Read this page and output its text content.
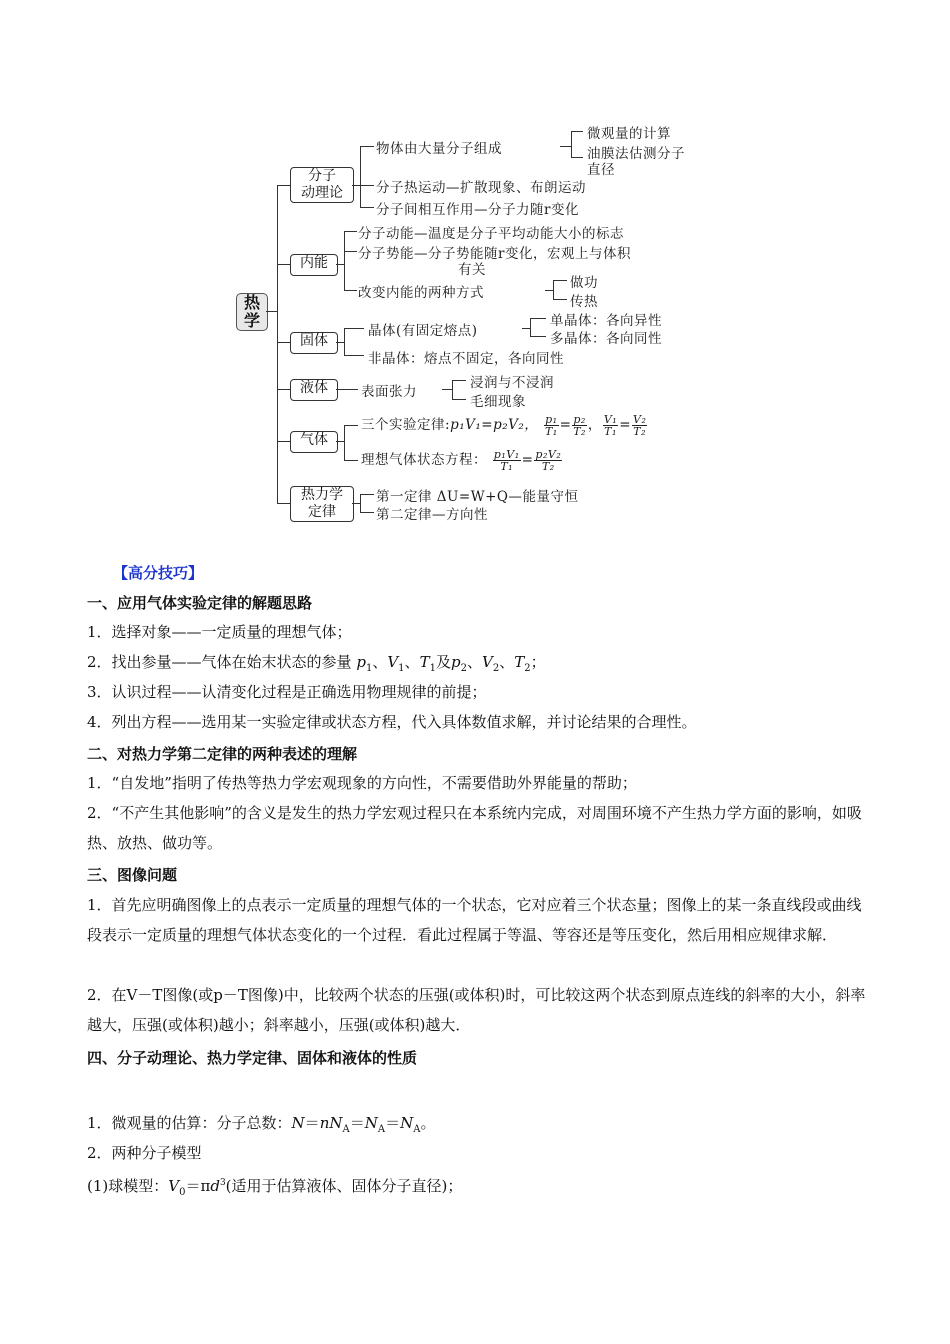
热学
分子
动理论
物体由大量分子组成
微观量的计算
油膜法估测分子
直径
分子热运动—扩散现象、布朗运动
分子间相互作用—分子力随r变化
内能
分子动能—温度是分子平均动能大小的标志
分子势能—分子势能随r变化，宏观上与体积
有关
改变内能的两种方式
做功
传热
固体
晶体(有固定熔点)
单晶体：各向异性
多晶体：各向同性
非晶体：熔点不固定，各向同性
液体	表面张力
浸润与不浸润
毛细现象
气体
三个实验定律:p₁V₁=p₂V₂， $\frac{\text{p₁}}{\text{T₁}} = \frac{\text{p₂}}{\text{T₂}}$ ， $\frac{\text{V₁}}{\text{T₁}} = \frac{\text{V₂}}{\text{T₂}}$
理想气体状态方程： $\frac{\text{p₁V₁}}{\text{T₁}} = \frac{\text{p₂V₂}}{\text{T₂}}$
热力学
定律
第一定律 ΔU=W+Q—能量守恒
第二定律—方向性
【高分技巧】
一、应用气体实验定律的解题思路
1．选择对象——一定质量的理想气体；
2．找出参量——气体在始末状态的参量 $p_1$、$V_1$、$T_1$及$p_2$、$V_2$、$T_2$；
3．认识过程——认清变化过程是正确选用物理规律的前提；
4．列出方程——选用某一实验定律或状态方程，代入具体数值求解，并讨论结果的合理性。
二、对热力学第二定律的两种表述的理解
1．“自发地”指明了传热等热力学宏观现象的方向性，不需要借助外界能量的帮助；
2．“不产生其他影响”的含义是发生的热力学宏观过程只在本系统内完成，对周围环境不产生热力学方面的影响，如吸热、放热、做功等。
三、图像问题
1．首先应明确图像上的点表示一定质量的理想气体的一个状态，它对应着三个状态量；图像上的某一条直线段或曲线段表示一定质量的理想气体状态变化的一个过程．看此过程属于等温、等容还是等压变化，然后用相应规律求解．
2．在V－T图像(或p－T图像)中，比较两个状态的压强(或体积)时，可比较这两个状态到原点连线的斜率的大小，斜率越大，压强(或体积)越小；斜率越小，压强(或体积)越大．
四、分子动理论、热力学定律、固体和液体的性质
1．微观量的估算：分子总数：$N=nN_A=N_A=N_A$。
2．两种分子模型
(1)球模型：$V_0=\pi d^3$(适用于估算液体、固体分子直径)；
